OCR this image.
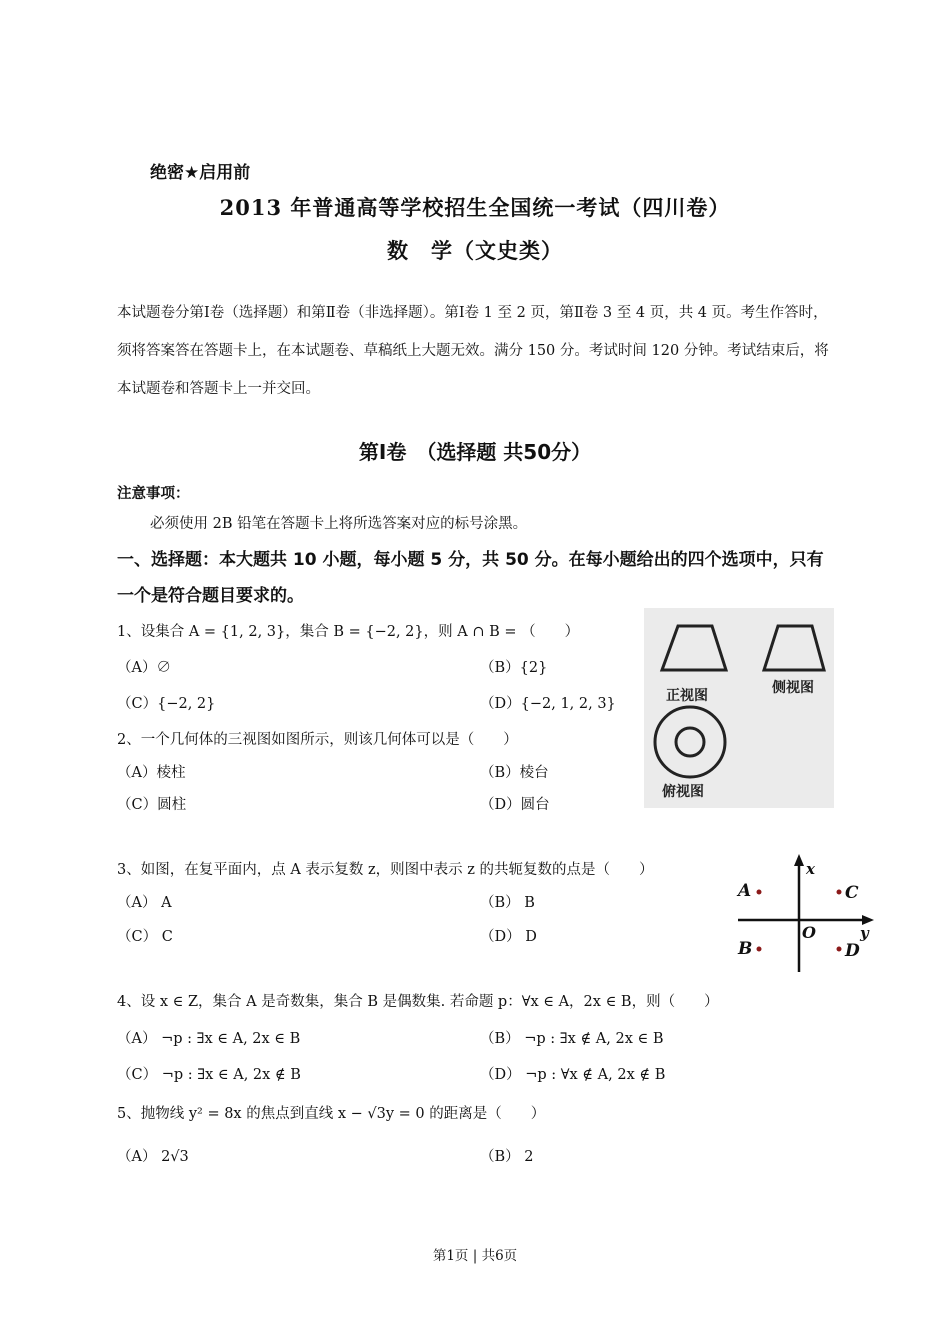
绝密★启用前
2013 年普通高等学校招生全国统一考试（四川卷）
数　学（文史类）
本试题卷分第Ⅰ卷（选择题）和第Ⅱ卷（非选择题）。第Ⅰ卷 1 至 2 页，第Ⅱ卷 3 至 4 页，共 4 页。考生作答时，须将答案答在答题卡上，在本试题卷、草稿纸上大题无效。满分 150 分。考试时间 120 分钟。考试结束后，将本试题卷和答题卡上一并交回。
第Ⅰ卷　（选择题 共50分）
注意事项：
必须使用 2B 铅笔在答题卡上将所选答案对应的标号涂黑。
一、选择题：本大题共 10 小题，每小题 5 分，共 50 分。在每小题给出的四个选项中，只有一个是符合题目要求的。
1、设集合 A = {1, 2, 3}，集合 B = {−2, 2}，则 A ∩ B = （　　）
（A）∅	（B）{2}
（C）{−2, 2}	（D）{−2, 1, 2, 3}
2、一个几何体的三视图如图所示，则该几何体可以是（　　）
（A）棱柱	（B）棱台
（C）圆柱	（D）圆台
正视图	侧视图
俯视图
3、如图，在复平面内，点 A 表示复数 z，则图中表示 z 的共轭复数的点是（　　）
（A） A	（B） B
（C） C	（D） D
x
y
O
A
B
C
D
4、设 x ∈ Z，集合 A 是奇数集，集合 B 是偶数集. 若命题 p：∀x ∈ A，2x ∈ B，则（　　）
（A） ¬p : ∃x ∈ A, 2x ∈ B	（B） ¬p : ∃x ∉ A, 2x ∈ B
（C） ¬p : ∃x ∈ A, 2x ∉ B	（D） ¬p : ∀x ∉ A, 2x ∉ B
5、抛物线 y² = 8x 的焦点到直线 x − √3y = 0 的距离是（　　）
（A） 2√3	（B） 2
第1页 | 共6页
